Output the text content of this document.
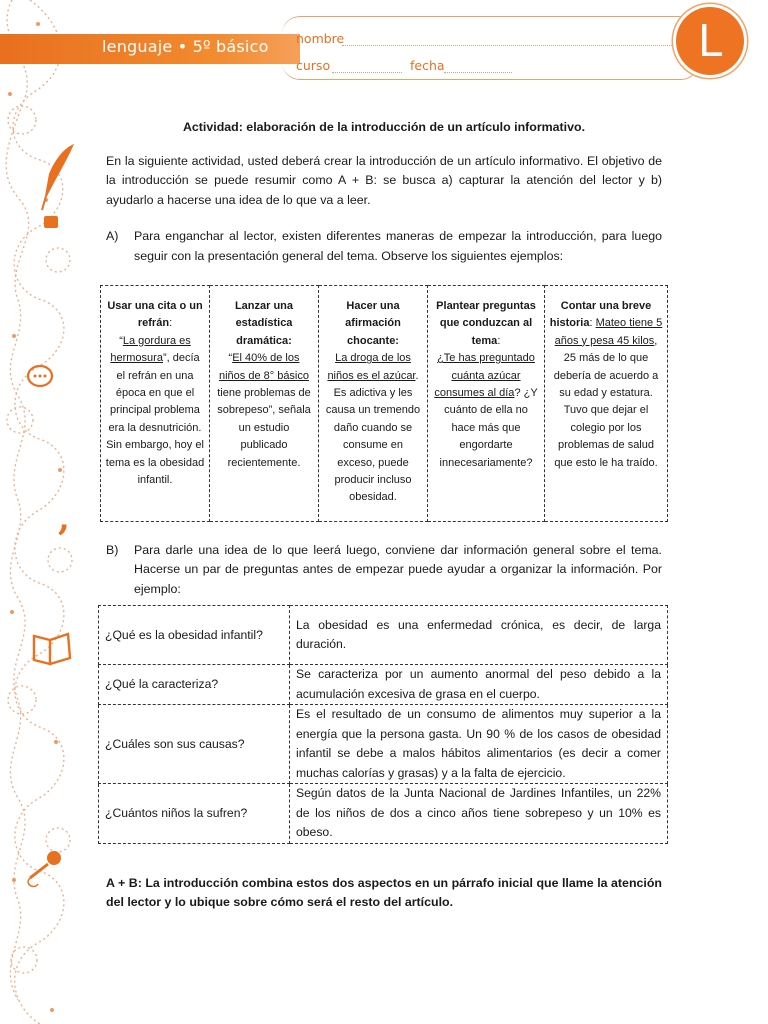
,
lenguaje • 5º básico nombre
curso	fecha	L

Actividad: elaboración de la introducción de un artículo informativo.

En la siguiente actividad, usted deberá crear la introducción de un artículo informativo. El objetivo de la introducción se puede resumir como A + B: se busca a) capturar la atención del lector y b) ayudarlo a hacerse una idea de lo que va a leer.

A)	Para enganchar al lector, existen diferentes maneras de empezar la introducción, para luego seguir con la presentación general del tema. Observe los siguientes ejemplos:
Usar una cita o un refrán:
“La gordura es hermosura”, decía el refrán en una época en que el principal problema era la desnutrición. Sin embargo, hoy el tema es la obesidad infantil.	Lanzar una estadística dramática:
“El 40% de los niños de 8° básico tiene problemas de sobrepeso”, señala un estudio publicado recientemente.	Hacer una afirmación chocante:
La droga de los niños es el azúcar. Es adictiva y les causa un tremendo daño cuando se consume en exceso, puede producir incluso obesidad.	Plantear preguntas que conduzcan al tema:
¿Te has preguntado cuánta azúcar consumes al día? ¿Y cuánto de ella no hace más que engordarte innecesariamente?	Contar una breve historia: Mateo tiene 5 años y pesa 45 kilos, 25 más de lo que debería de acuerdo a su edad y estatura. Tuvo que dejar el colegio por los problemas de salud que esto le ha traído.
B)	Para darle una idea de lo que leerá luego, conviene dar información general sobre el tema. Hacerse un par de preguntas antes de empezar puede ayudar a organizar la información. Por ejemplo:
¿Qué es la obesidad infantil?	La obesidad es una enfermedad crónica, es decir, de larga duración.
¿Qué la caracteriza?	Se caracteriza por un aumento anormal del peso debido a la acumulación excesiva de grasa en el cuerpo.
¿Cuáles son sus causas?	Es el resultado de un consumo de alimentos muy superior a la energía que la persona gasta. Un 90 % de los casos de obesidad infantil se debe a malos hábitos alimentarios (es decir a comer muchas calorías y grasas) y a la falta de ejercicio.
¿Cuántos niños la sufren?	Según datos de la Junta Nacional de Jardines Infantiles, un 22% de los niños de dos a cinco años tiene sobrepeso y un 10% es obeso.

A + B: La introducción combina estos dos aspectos en un párrafo inicial que llame la atención del lector y lo ubique sobre cómo será el resto del artículo.
